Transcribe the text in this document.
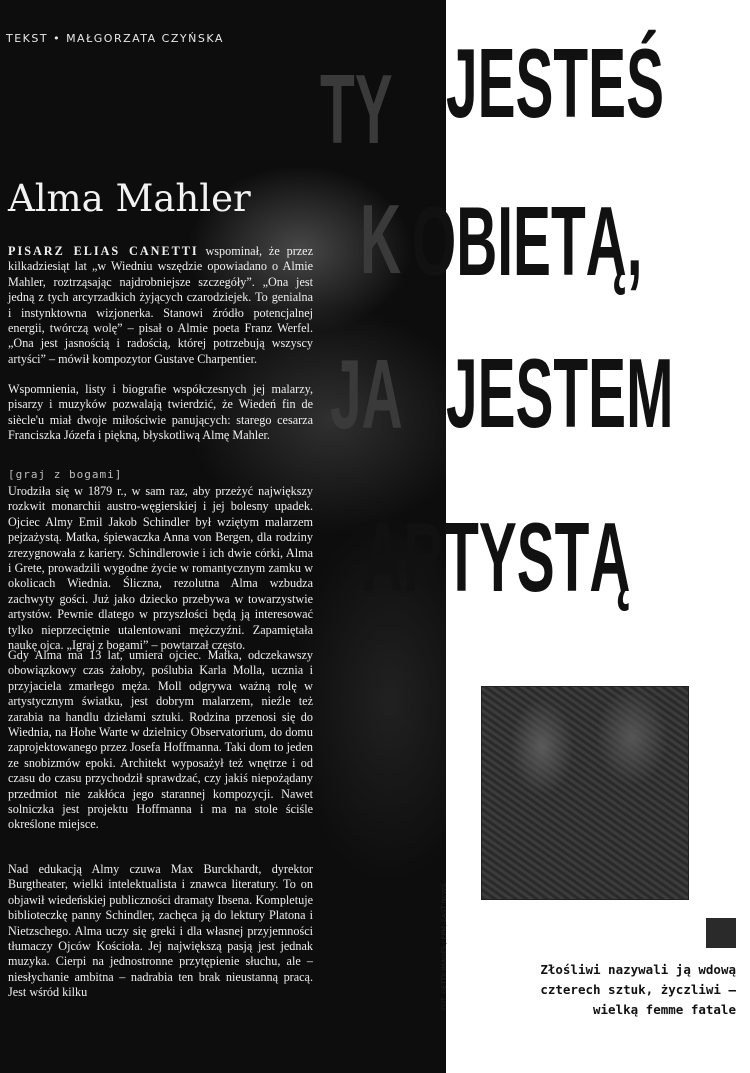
TEKST • MAŁGORZATA CZYŃSKA
Alma Mahler

PISARZ ELIAS CANETTI wspominał, że przez kilkadziesiąt lat „w Wiedniu wszędzie opowiadano o Almie Mahler, roztrząsając najdrobniejsze szczegóły”. „Ona jest jedną z tych arcyrzadkich żyjących czarodziejek. To genialna i instynktowna wizjonerka. Stanowi źródło potencjalnej energii, twórczą wolę” – pisał o Almie poeta Franz Werfel. „Ona jest jasnością i radością, której potrzebują wszyscy artyści” – mówił kompozytor Gustave Charpentier.

Wspomnienia, listy i biografie współczesnych jej malarzy, pisarzy i muzyków pozwalają twierdzić, że Wiedeń fin de siècle'u miał dwoje miłościwie panujących: starego cesarza Franciszka Józefa i piękną, błyskotliwą Almę Mahler.

[graj z bogami]

Urodziła się w 1879 r., w sam raz, aby przeżyć największy rozkwit monarchii austro-węgierskiej i jej bolesny upadek. Ojciec Almy Emil Jakob Schindler był wziętym malarzem pejzażystą. Matka, śpiewaczka Anna von Bergen, dla rodziny zrezygnowała z kariery. Schindlerowie i ich dwie córki, Alma i Grete, prowadzili wygodne życie w romantycznym zamku w okolicach Wiednia. Śliczna, rezolutna Alma wzbudza zachwyty gości. Już jako dziecko przebywa w towarzystwie artystów. Pewnie dlatego w przyszłości będą ją interesować tylko nieprzeciętnie utalentowani mężczyźni. Zapamiętała naukę ojca. „Igraj z bogami” – powtarzał często.

Gdy Alma ma 13 lat, umiera ojciec. Matka, odczekawszy obowiązkowy czas żałoby, poślubia Karla Molla, ucznia i przyjaciela zmarłego męża. Moll odgrywa ważną rolę w artystycznym światku, jest dobrym malarzem, nieźle też zarabia na handlu dziełami sztuki. Rodzina przenosi się do Wiednia, na Hohe Warte w dzielnicy Observatorium, do domu zaprojektowanego przez Josefa Hoffmanna. Taki dom to jeden ze snobizmów epoki. Architekt wyposażył też wnętrze i od czasu do czasu przychodził sprawdzać, czy jakiś niepożądany przedmiot nie zakłóca jego starannej kompozycji. Nawet solniczka jest projektu Hoffmanna i ma na stole ściśle określone miejsce.

Nad edukacją Almy czuwa Max Burckhardt, dyrektor Burgtheater, wielki intelektualista i znawca literatury. To on objawił wiedeńskiej publiczności dramaty Ibsena. Kompletuje biblioteczkę panny Schindler, zachęca ją do lektury Platona i Nietzschego. Alma uczy się greki i dla własnej przyjemności tłumaczy Ojców Kościoła. Jej największą pasją jest jednak muzyka. Cierpi na jednostronne przytępienie słuchu, ale – niesłychanie ambitna – nadrabia ten brak nieustanną pracą. Jest wśród kilku

TY JESTEŚ
K OBIETĄ,
JA JESTEM
ARTYSTĄ
FOT. GETTY IMAGES / FPM, EAST NEWS	Złośliwi nazywali ją wdową czterech sztuk, życzliwi – wielką femme fatale
